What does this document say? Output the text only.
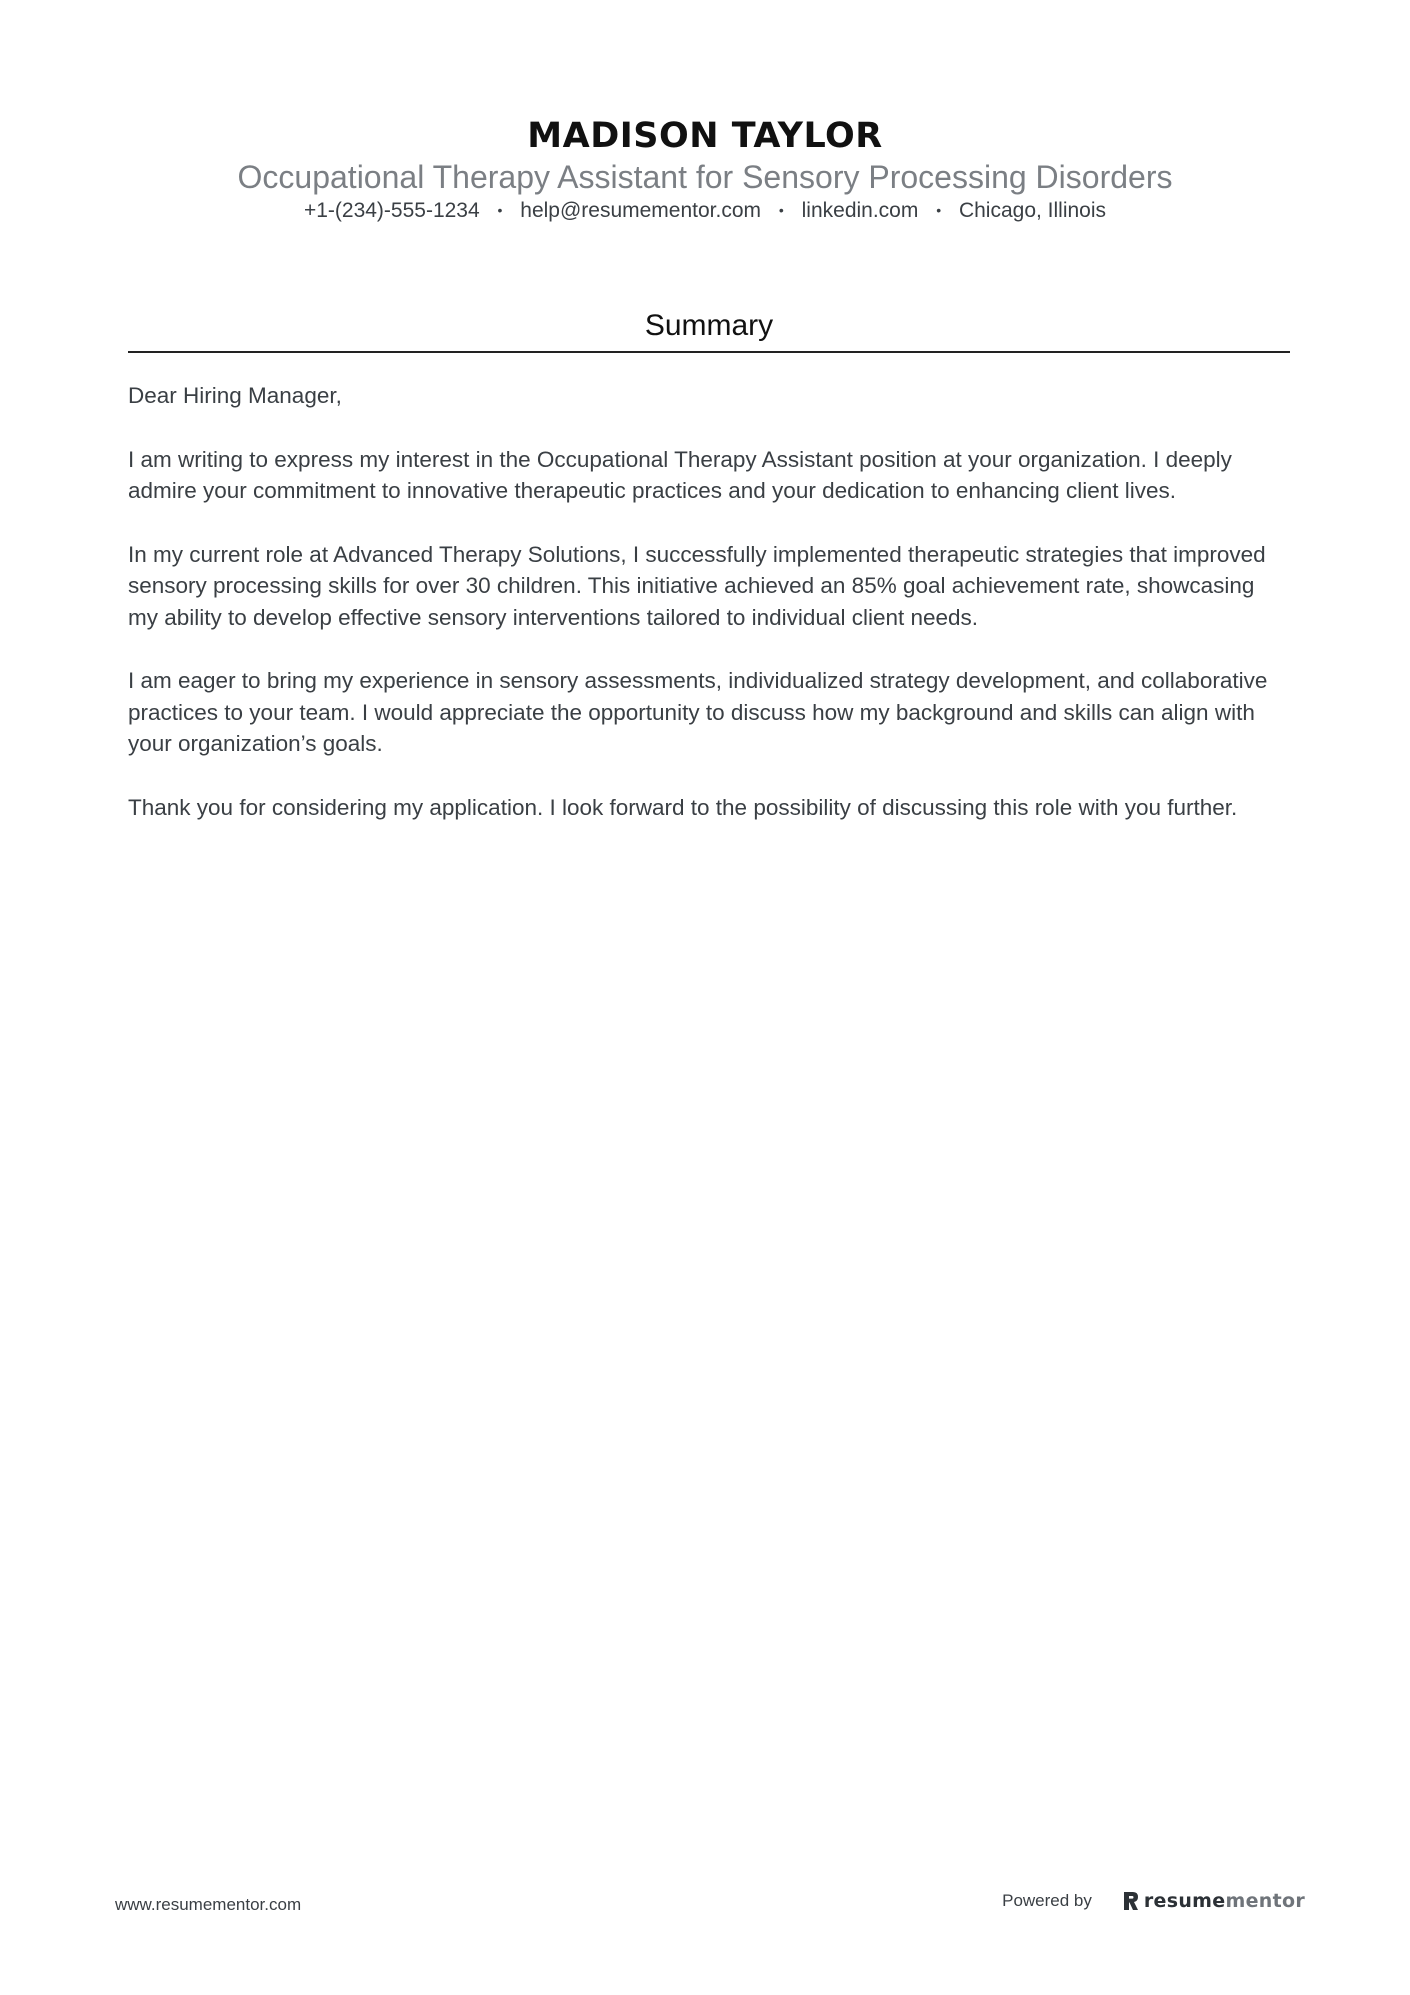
MADISON TAYLOR
Occupational Therapy Assistant for Sensory Processing Disorders
+1-(234)-555-1234 • help@resumementor.com • linkedin.com • Chicago, Illinois
Summary

Dear Hiring Manager,

I am writing to express my interest in the Occupational Therapy Assistant position at your organization. I deeply admire your commitment to innovative therapeutic practices and your dedication to enhancing client lives.

In my current role at Advanced Therapy Solutions, I successfully implemented therapeutic strategies that improved sensory processing skills for over 30 children. This initiative achieved an 85% goal achievement rate, showcasing my ability to develop effective sensory interventions tailored to individual client needs.

I am eager to bring my experience in sensory assessments, individualized strategy development, and collaborative practices to your team. I would appreciate the opportunity to discuss how my background and skills can align with your organization’s goals.

Thank you for considering my application. I look forward to the possibility of discussing this role with you further.

www.resumementor.com	Powered by	resumementor
